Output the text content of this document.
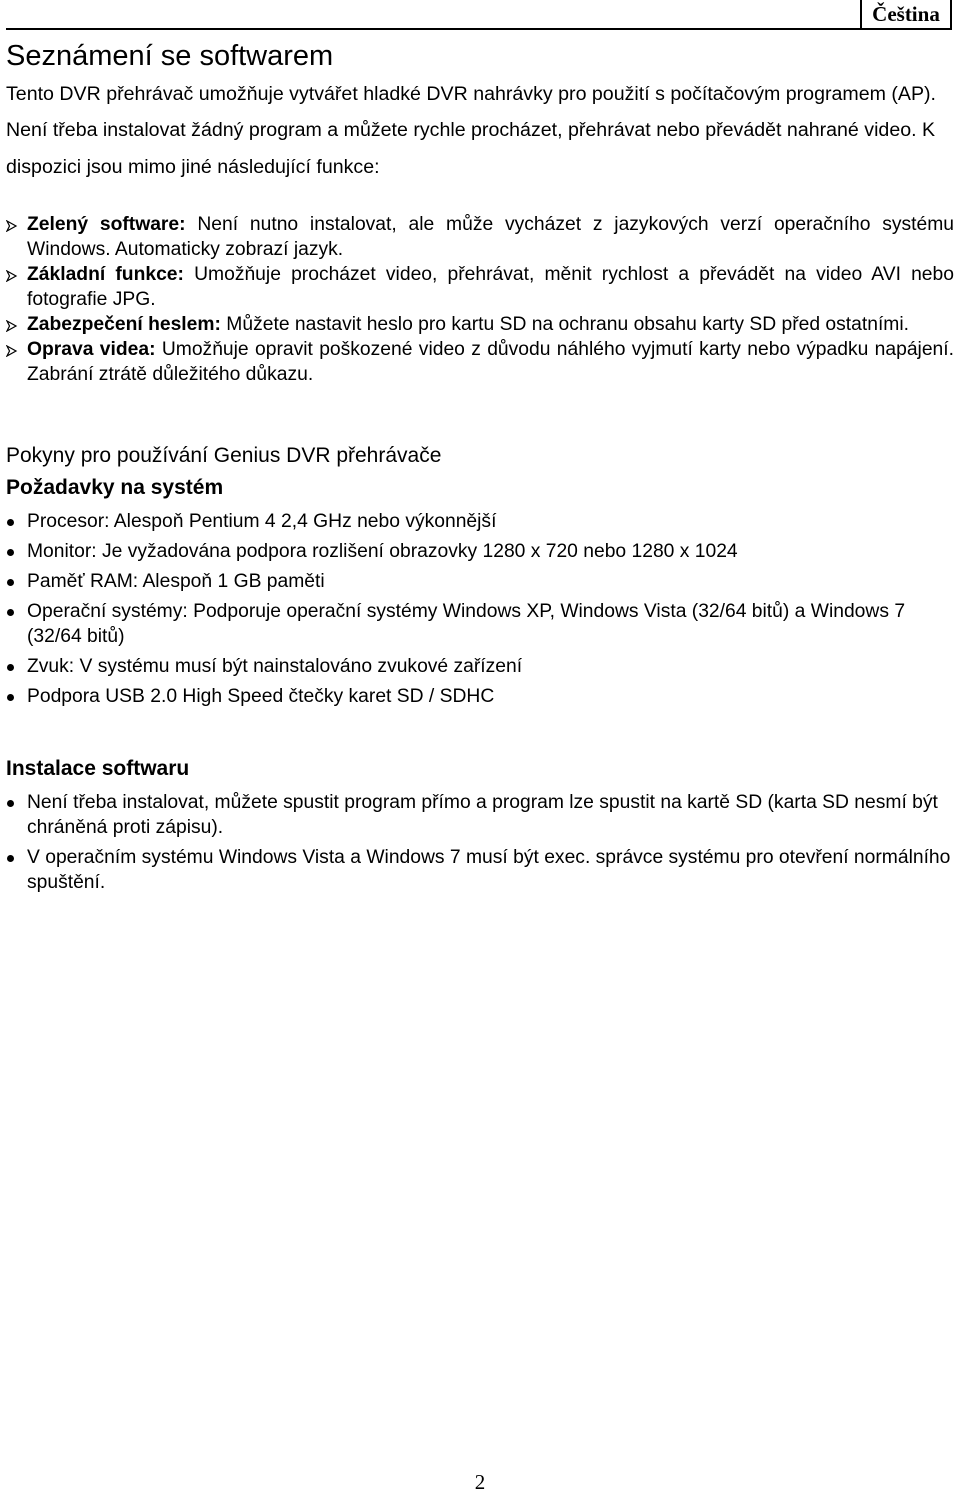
Čeština
Seznámení se softwarem

Tento DVR přehrávač umožňuje vytvářet hladké DVR nahrávky pro použití s počítačovým programem (AP). Není třeba instalovat žádný program a můžete rychle procházet, přehrávat nebo převádět nahrané video. K dispozici jsou mimo jiné následující funkce:

Zelený software: Není nutno instalovat, ale může vycházet z jazykových verzí operačního systému Windows. Automaticky zobrazí jazyk.
Základní funkce: Umožňuje procházet video, přehrávat, měnit rychlost a převádět na video AVI nebo fotografie JPG.
Zabezpečení heslem: Můžete nastavit heslo pro kartu SD na ochranu obsahu karty SD před ostatními.
Oprava videa: Umožňuje opravit poškozené video z důvodu náhlého vyjmutí karty nebo výpadku napájení. Zabrání ztrátě důležitého důkazu.
Pokyny pro používání Genius DVR přehrávače
Požadavky na systém
Procesor: Alespoň Pentium 4 2,4 GHz nebo výkonnější
Monitor: Je vyžadována podpora rozlišení obrazovky 1280 x 720 nebo 1280 x 1024
Paměť RAM: Alespoň 1 GB paměti
Operační systémy: Podporuje operační systémy Windows XP, Windows Vista (32/64 bitů) a Windows 7 (32/64 bitů)
Zvuk: V systému musí být nainstalováno zvukové zařízení
Podpora USB 2.0 High Speed čtečky karet SD / SDHC
Instalace softwaru
Není třeba instalovat, můžete spustit program přímo a program lze spustit na kartě SD (karta SD nesmí být chráněná proti zápisu).
V operačním systému Windows Vista a Windows 7 musí být exec. správce systému pro otevření normálního spuštění.
2
